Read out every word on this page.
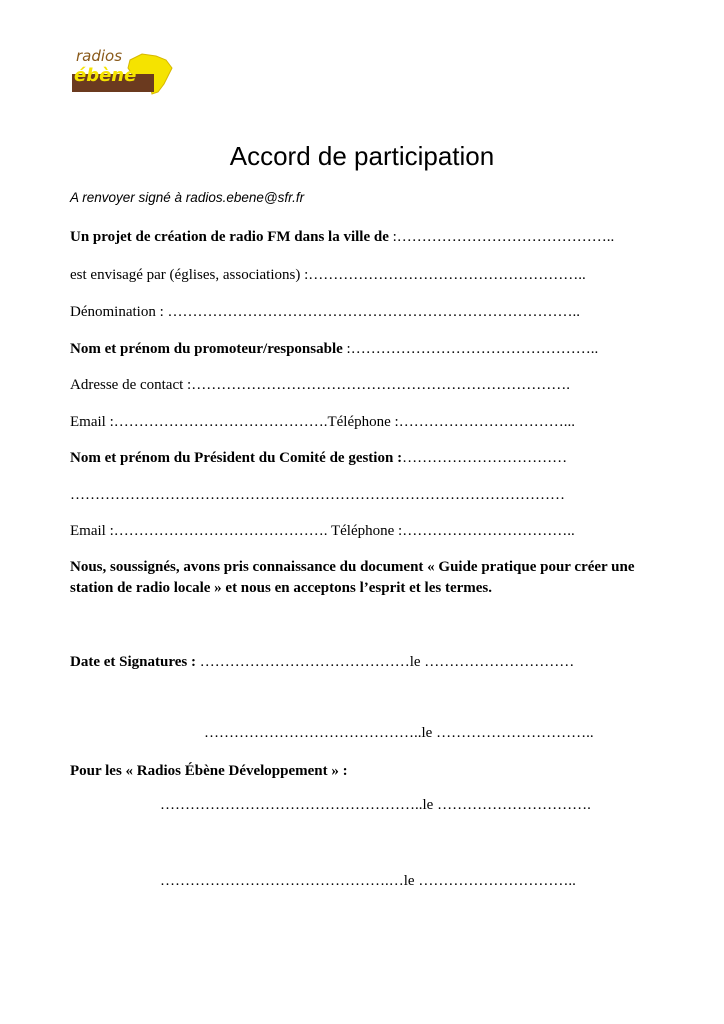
radios
ébène
Accord de participation
A renvoyer signé à radios.ebene@sfr.fr
Un projet de création de radio FM dans la ville de :……………………………………..
est envisagé par (églises, associations) :………………………………………………..
Dénomination : ………………………………………………………………………..
Nom et prénom du promoteur/responsable :…………………………………………..
Adresse de contact :………………………………………………………………….
Email :…………………………………….Téléphone :……………………………...
Nom et prénom du Président du Comité de gestion :……………………………
………………………………………………………………………………………
Email :……………………………………. Téléphone :……………………………..
Nous, soussignés, avons pris connaissance du document « Guide pratique pour créer une station de radio locale » et nous en acceptons l’esprit et les termes.
Date et Signatures : ……………………………………le …………………………
……………………………………..le …………………………..
Pour les « Radios Ébène Développement » :
……………………………………………..le ………………………….
……………………………………….…le …………………………..
